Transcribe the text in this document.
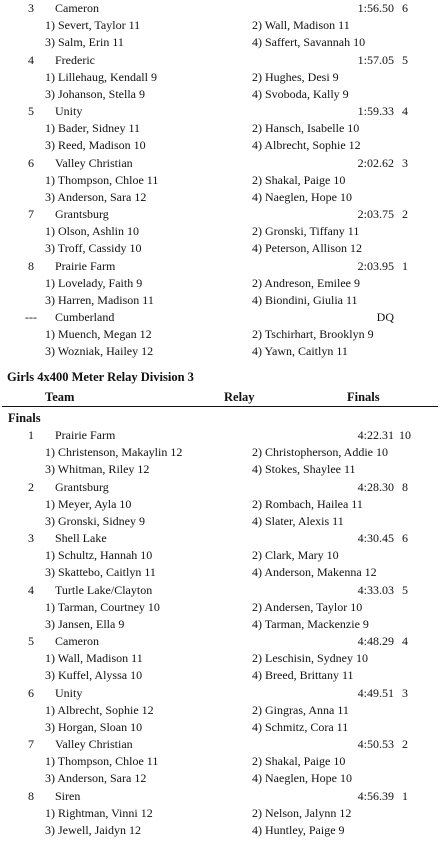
3	Cameron	1:56.50 6
1) Severt, Taylor 11	2) Wall, Madison 11
3) Salm, Erin 11	4) Saffert, Savannah 10
4	Frederic	1:57.05 5
1) Lillehaug, Kendall 9	2) Hughes, Desi 9
3) Johanson, Stella 9	4) Svoboda, Kally 9
5	Unity	1:59.33 4
1) Bader, Sidney 11	2) Hansch, Isabelle 10
3) Reed, Madison 10	4) Albrecht, Sophie 12
6	Valley Christian	2:02.62 3
1) Thompson, Chloe 11	2) Shakal, Paige 10
3) Anderson, Sara 12	4) Naeglen, Hope 10
7	Grantsburg	2:03.75 2
1) Olson, Ashlin 10	2) Gronski, Tiffany 11
3) Troff, Cassidy 10	4) Peterson, Allison 12
8	Prairie Farm	2:03.95 1
1) Lovelady, Faith 9	2) Andreson, Emilee 9
3) Harren, Madison 11	4) Biondini, Giulia 11
---	Cumberland	DQ
1) Muench, Megan 12	2) Tschirhart, Brooklyn 9
3) Wozniak, Hailey 12	4) Yawn, Caitlyn 11
Girls 4x400 Meter Relay Division 3
Team	Relay	Finals
Finals
1	Prairie Farm	4:22.31 10
1) Christenson, Makaylin 12	2) Christopherson, Addie 10
3) Whitman, Riley 12	4) Stokes, Shaylee 11
2	Grantsburg	4:28.30 8
1) Meyer, Ayla 10	2) Rombach, Hailea 11
3) Gronski, Sidney 9	4) Slater, Alexis 11
3	Shell Lake	4:30.45 6
1) Schultz, Hannah 10	2) Clark, Mary 10
3) Skattebo, Caitlyn 11	4) Anderson, Makenna 12
4	Turtle Lake/Clayton	4:33.03 5
1) Tarman, Courtney 10	2) Andersen, Taylor 10
3) Jansen, Ella 9	4) Tarman, Mackenzie 9
5	Cameron	4:48.29 4
1) Wall, Madison 11	2) Leschisin, Sydney 10
3) Kuffel, Alyssa 10	4) Breed, Brittany 11
6	Unity	4:49.51 3
1) Albrecht, Sophie 12	2) Gingras, Anna 11
3) Horgan, Sloan 10	4) Schmitz, Cora 11
7	Valley Christian	4:50.53 2
1) Thompson, Chloe 11	2) Shakal, Paige 10
3) Anderson, Sara 12	4) Naeglen, Hope 10
8	Siren	4:56.39 1
1) Rightman, Vinni 12	2) Nelson, Jalynn 12
3) Jewell, Jaidyn 12	4) Huntley, Paige 9
